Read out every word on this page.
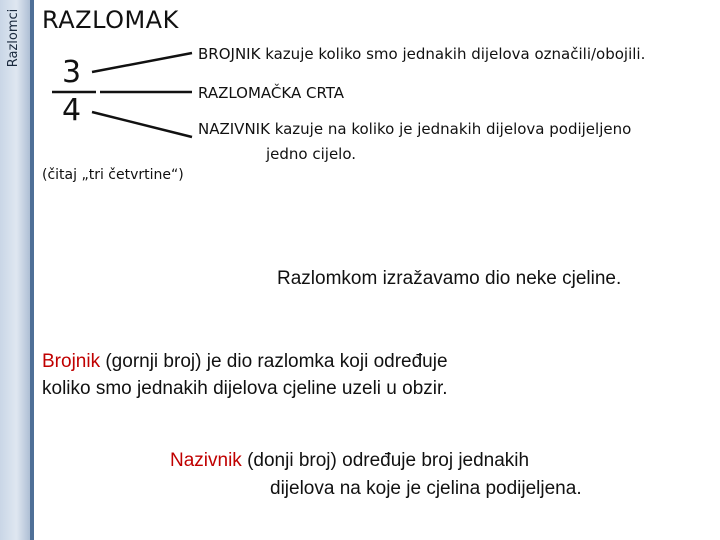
Razlomci RAZLOMAK
3
4
BROJNIK kazuje koliko smo jednakih dijelova označili/obojili.
RAZLOMAČKA CRTA
NAZIVNIK kazuje na koliko je jednakih dijelova podijeljeno
jedno cijelo.
(čitaj „tri četvrtine“)
Razlomkom izražavamo dio neke cjeline.
Brojnik (gornji broj) je dio razlomka koji određuje
koliko smo jednakih dijelova cjeline uzeli u obzir.
Nazivnik (donji broj) određuje broj jednakih
dijelova na koje je cjelina podijeljena.
